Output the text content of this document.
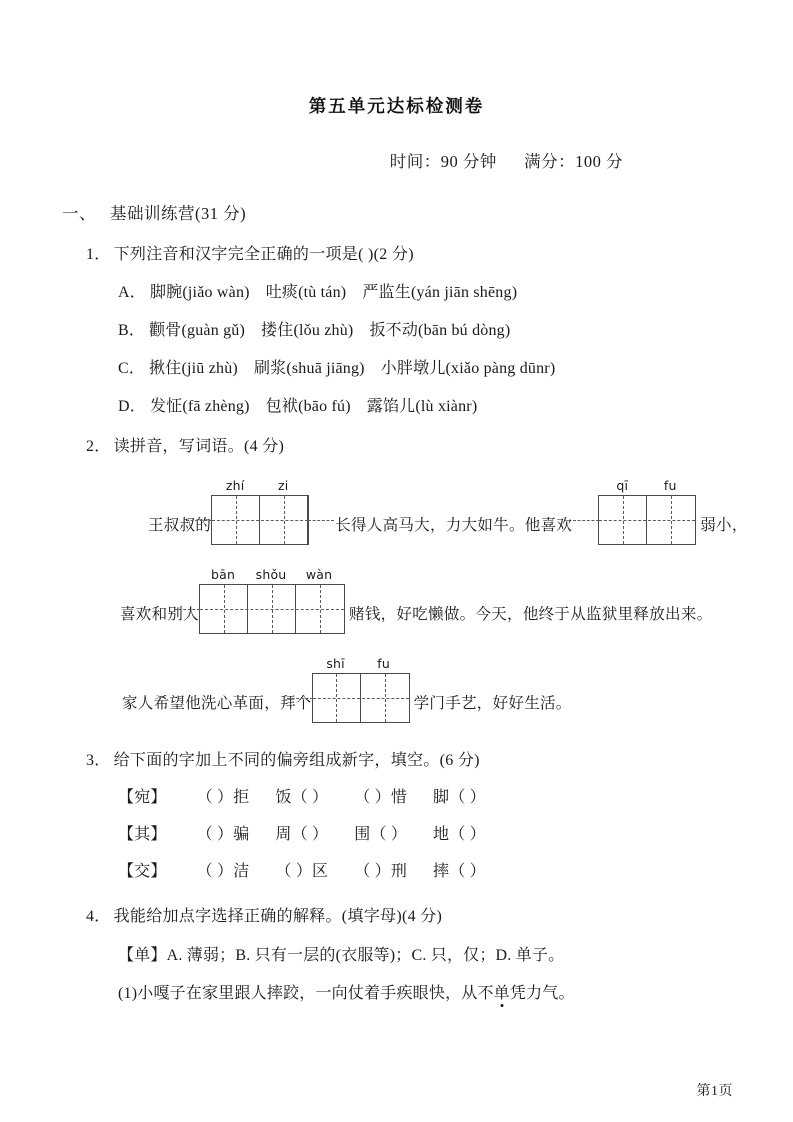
第五单元达标检测卷
时间：90 分钟 满分：100 分
一、 基础训练营(31 分)
1． 下列注音和汉字完全正确的一项是( )(2 分)
A． 脚腕(jiǎo wàn) 吐痰(tù tán) 严监生(yán jiān shēng)
B． 颧骨(guàn gǔ) 搂住(lǒu zhù) 扳不动(bān bú dòng)
C． 揪住(jiū zhù) 刷浆(shuā jiāng) 小胖墩儿(xiǎo pàng dūnr)
D． 发怔(fā zhèng) 包袱(bāo fú) 露馅儿(lù xiànr)
2． 读拼音，写词语。(4 分)
王叔叔的
zhí	zi
长得人高马大，力大如牛。他喜欢
qī	fu
弱小，
喜欢和别人
bān	shǒu	wàn
赌钱，好吃懒做。今天，他终于从监狱里释放出来。
家人希望他洗心革面，拜个
shī	fu
学门手艺，好好生活。
3． 给下面的字加上不同的偏旁组成新字，填空。(6 分)
【宛】 （ ）拒 饭（ ） （ ）惜 脚（ ）
【其】 （ ）骗 周（ ） 围（ ） 地（ ）
【交】 （ ）洁 （ ）区 （ ）刑 摔（ ）
4． 我能给加点字选择正确的解释。(填字母)(4 分)
【单】A. 薄弱；B. 只有一层的(衣服等)；C. 只，仅；D. 单子。
(1)小嘎子在家里跟人摔跤，一向仗着手疾眼快，从不单凭力气。
第1页
